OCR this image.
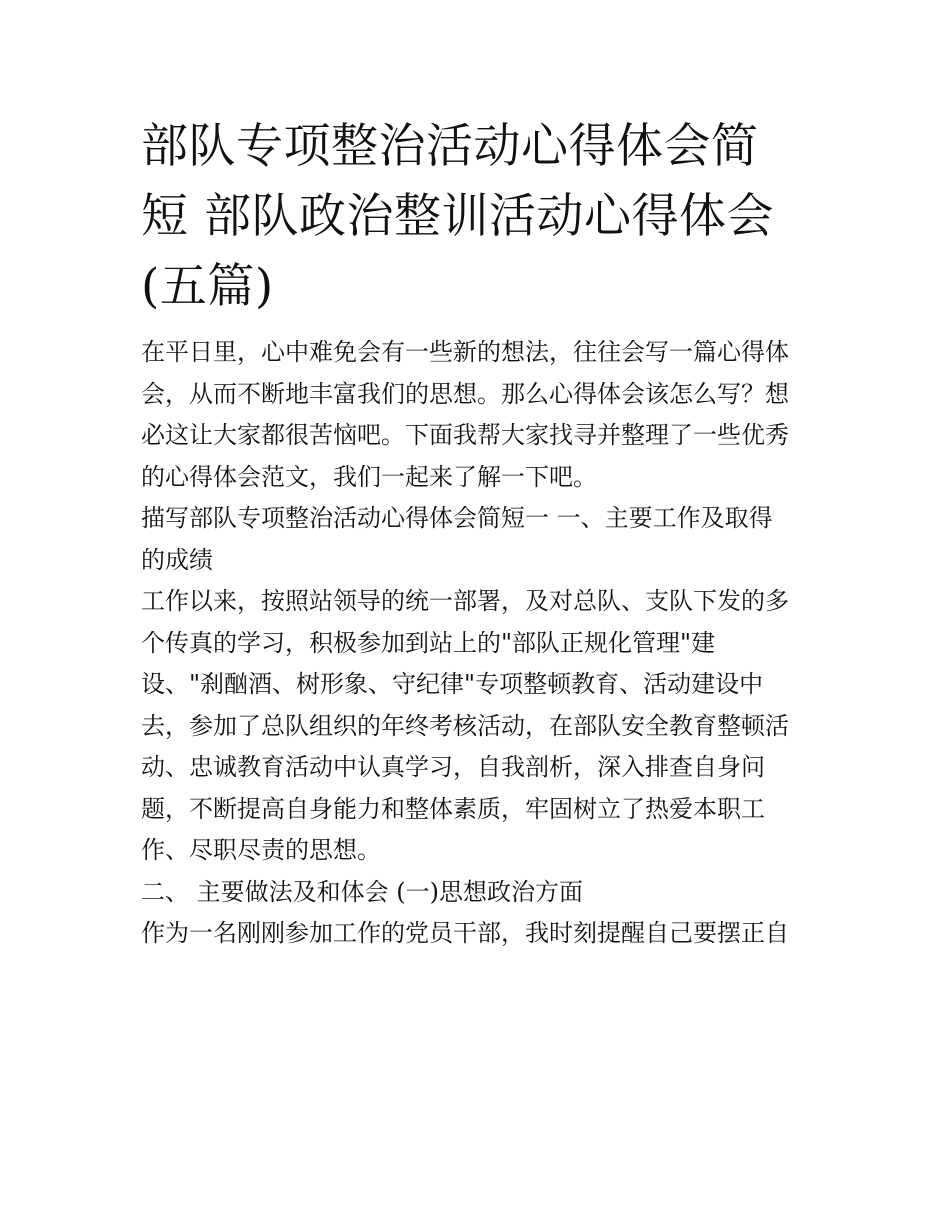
部队专项整治活动心得体会简
短 部队政治整训活动心得体会
(五篇)
在平日里，心中难免会有一些新的想法，往往会写一篇心得体
会，从而不断地丰富我们的思想。那么心得体会该怎么写？想
必这让大家都很苦恼吧。下面我帮大家找寻并整理了一些优秀
的心得体会范文，我们一起来了解一下吧。
描写部队专项整治活动心得体会简短一 一、主要工作及取得
的成绩
工作以来，按照站领导的统一部署，及对总队、支队下发的多
个传真的学习，积极参加到站上的"部队正规化管理"建
设、"刹酗酒、树形象、守纪律"专项整顿教育、活动建设中
去，参加了总队组织的年终考核活动，在部队安全教育整顿活
动、忠诚教育活动中认真学习，自我剖析，深入排查自身问
题，不断提高自身能力和整体素质，牢固树立了热爱本职工
作、尽职尽责的思想。
二、 主要做法及和体会 (一)思想政治方面
作为一名刚刚参加工作的党员干部，我时刻提醒自己要摆正自
